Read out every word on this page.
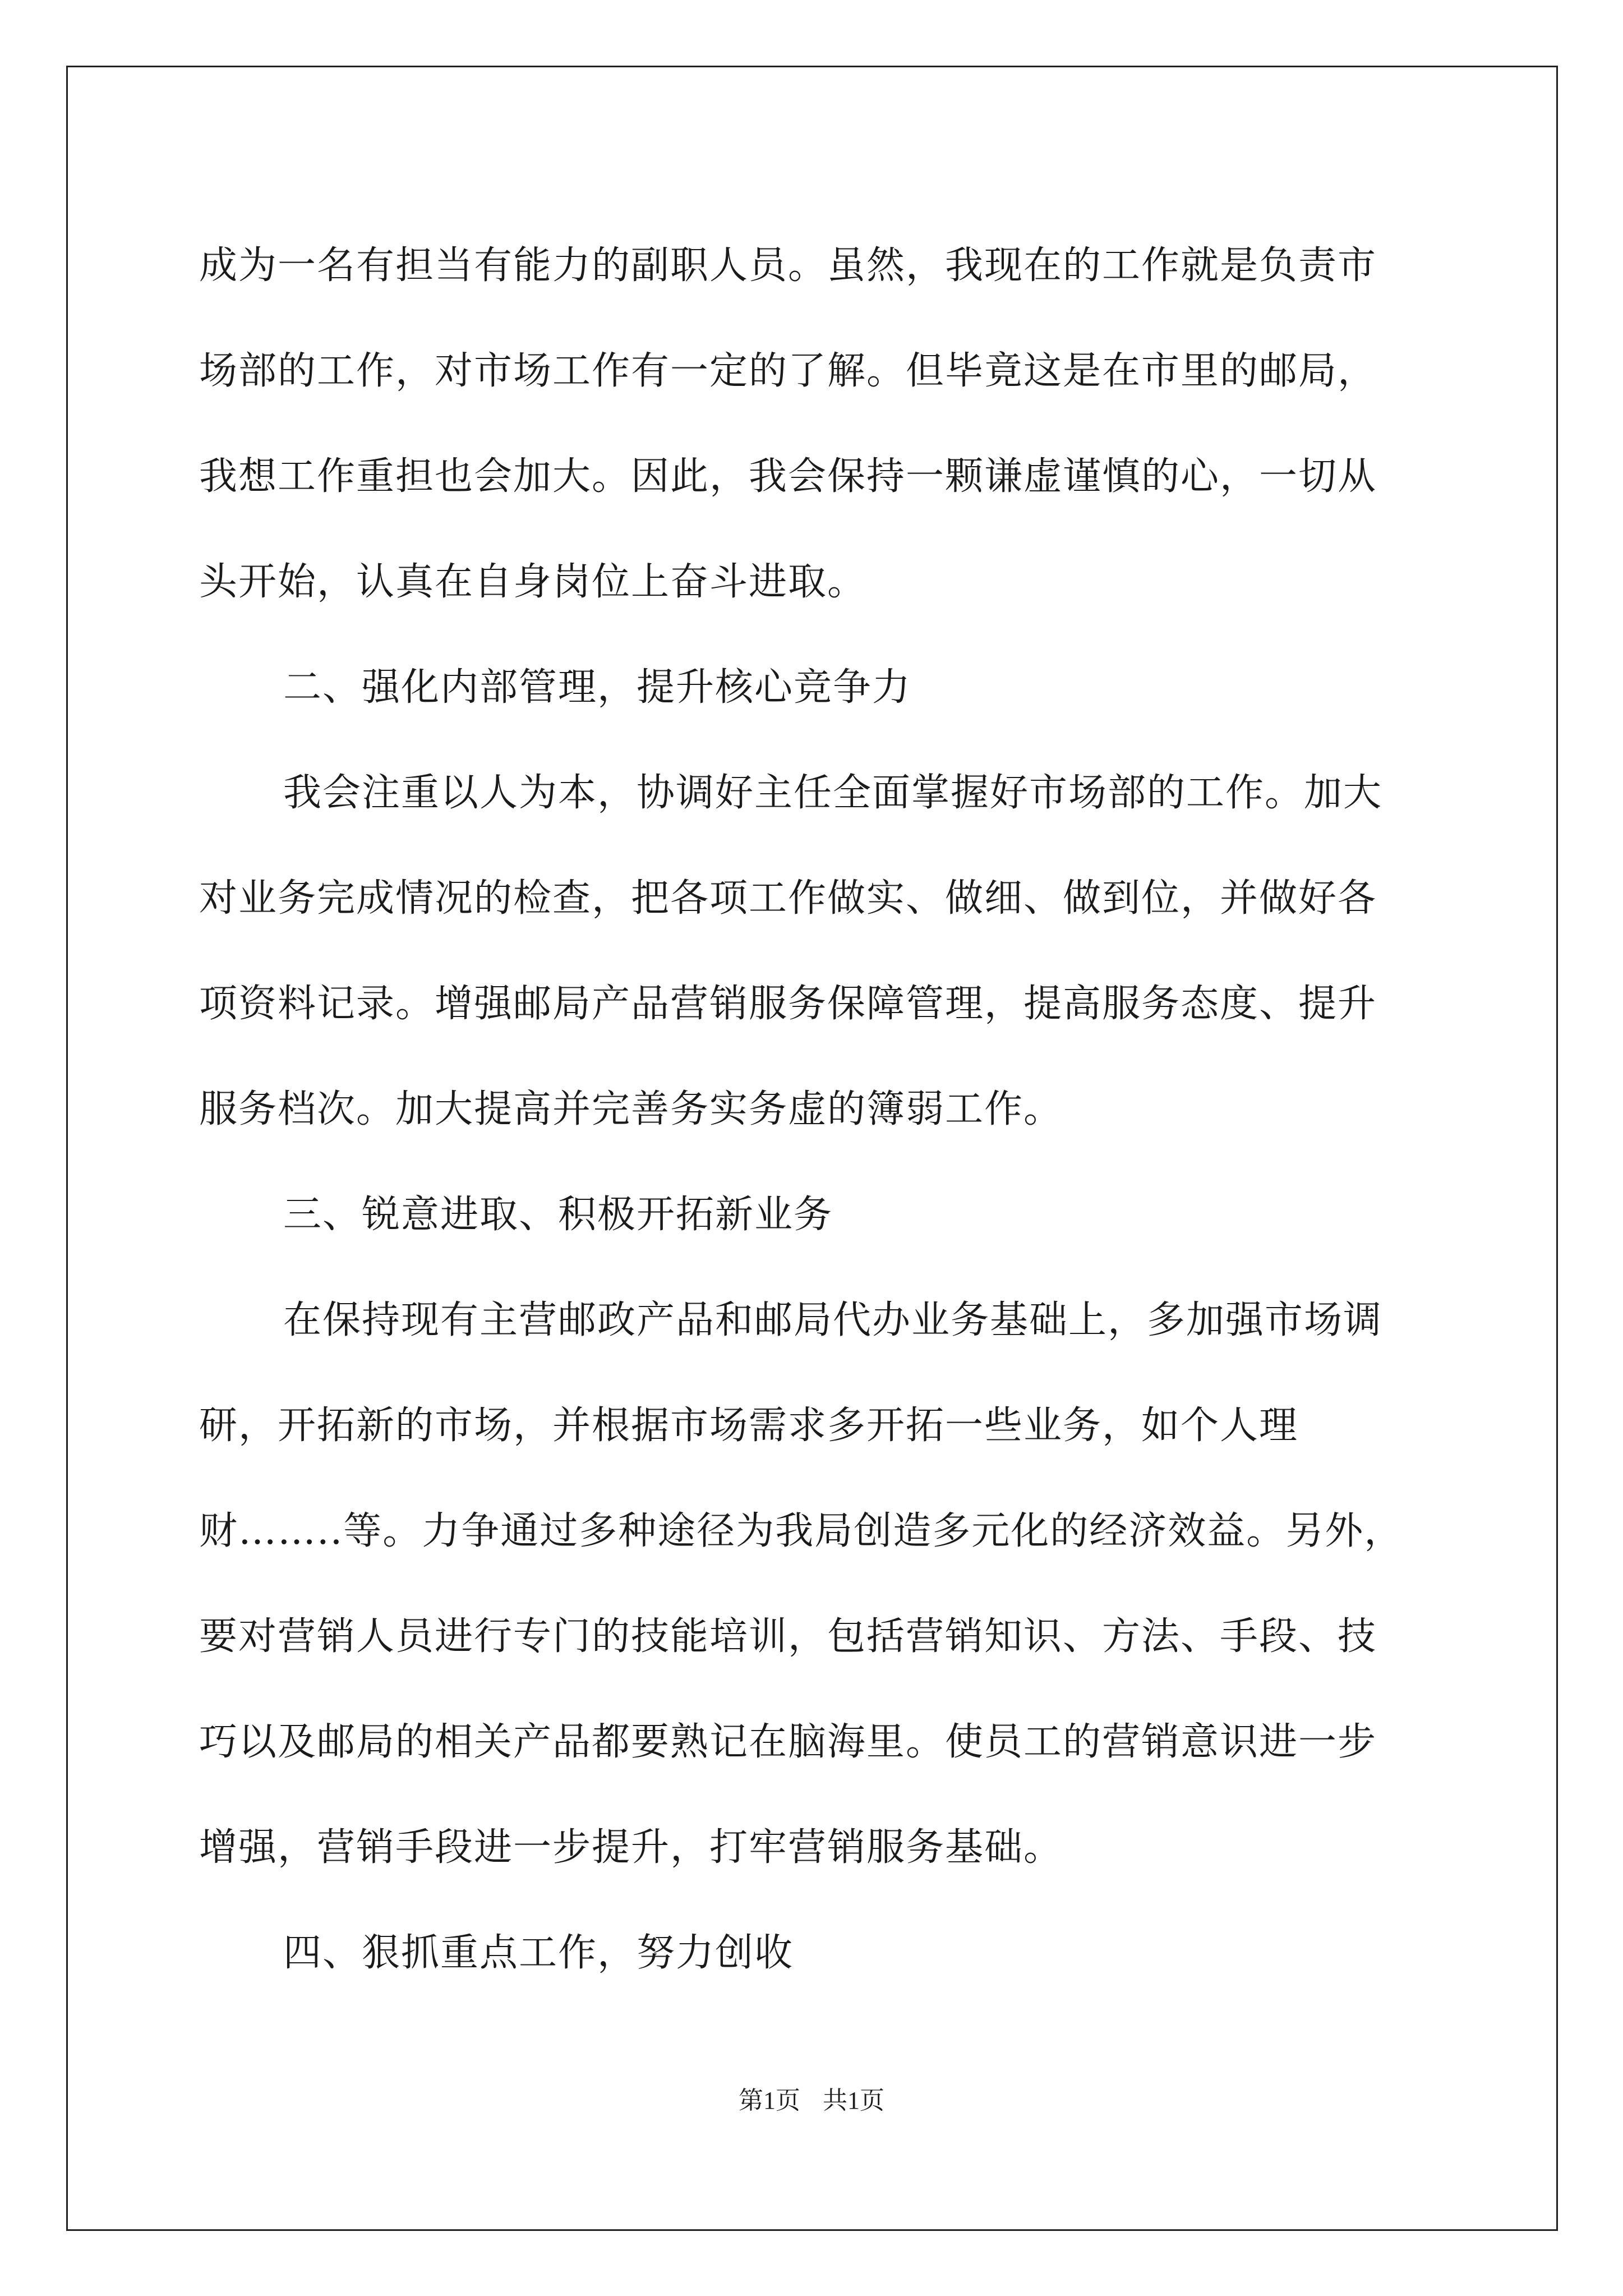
成为一名有担当有能力的副职人员。虽然，我现在的工作就是负责市
场部的工作，对市场工作有一定的了解。但毕竟这是在市里的邮局，
我想工作重担也会加大。因此，我会保持一颗谦虚谨慎的心，一切从
头开始，认真在自身岗位上奋斗进取。
二、强化内部管理，提升核心竞争力
我会注重以人为本，协调好主任全面掌握好市场部的工作。加大
对业务完成情况的检查，把各项工作做实、做细、做到位，并做好各
项资料记录。增强邮局产品营销服务保障管理，提高服务态度、提升
服务档次。加大提高并完善务实务虚的簿弱工作。
三、锐意进取、积极开拓新业务
在保持现有主营邮政产品和邮局代办业务基础上，多加强市场调
研，开拓新的市场，并根据市场需求多开拓一些业务，如个人理
财……..等。力争通过多种途径为我局创造多元化的经济效益。另外，
要对营销人员进行专门的技能培训，包括营销知识、方法、手段、技
巧以及邮局的相关产品都要熟记在脑海里。使员工的营销意识进一步
增强，营销手段进一步提升，打牢营销服务基础。
四、狠抓重点工作，努力创收
第1页 共1页
